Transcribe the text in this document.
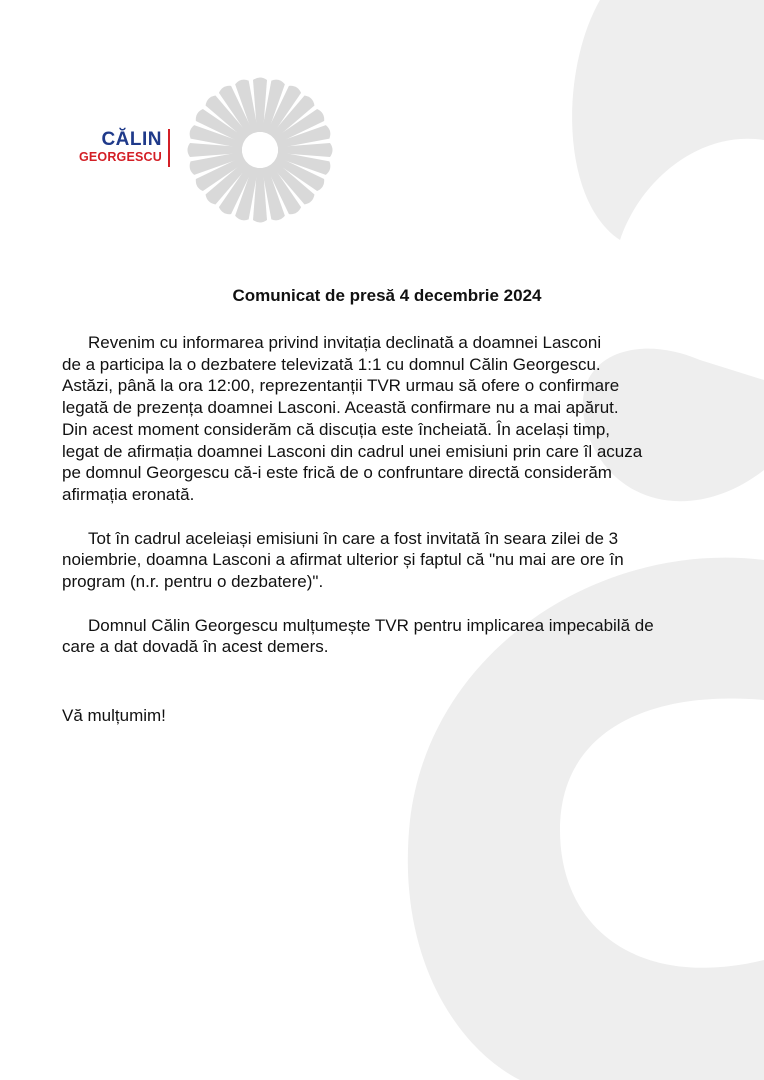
CĂLIN
GEORGESCU
Comunicat de presă 4 decembrie 2024

Revenim cu informarea privind invitația declinată a doamnei Lasconi
de a participa la o dezbatere televizată 1:1 cu domnul Călin Georgescu.
Astăzi, până la ora 12:00, reprezentanții TVR urmau să ofere o confirmare
legată de prezența doamnei Lasconi. Această confirmare nu a mai apărut.
Din acest moment considerăm că discuția este încheiată. În același timp,
legat de afirmația doamnei Lasconi din cadrul unei emisiuni prin care îl acuza
pe domnul Georgescu că-i este frică de o confruntare directă considerăm
afirmația eronată.

Tot în cadrul aceleiași emisiuni în care a fost invitată în seara zilei de 3
noiembrie, doamna Lasconi a afirmat ulterior și faptul că "nu mai are ore în
program (n.r. pentru o dezbatere)".

Domnul Călin Georgescu mulțumește TVR pentru implicarea impecabilă de
care a dat dovadă în acest demers.

Vă mulțumim!
